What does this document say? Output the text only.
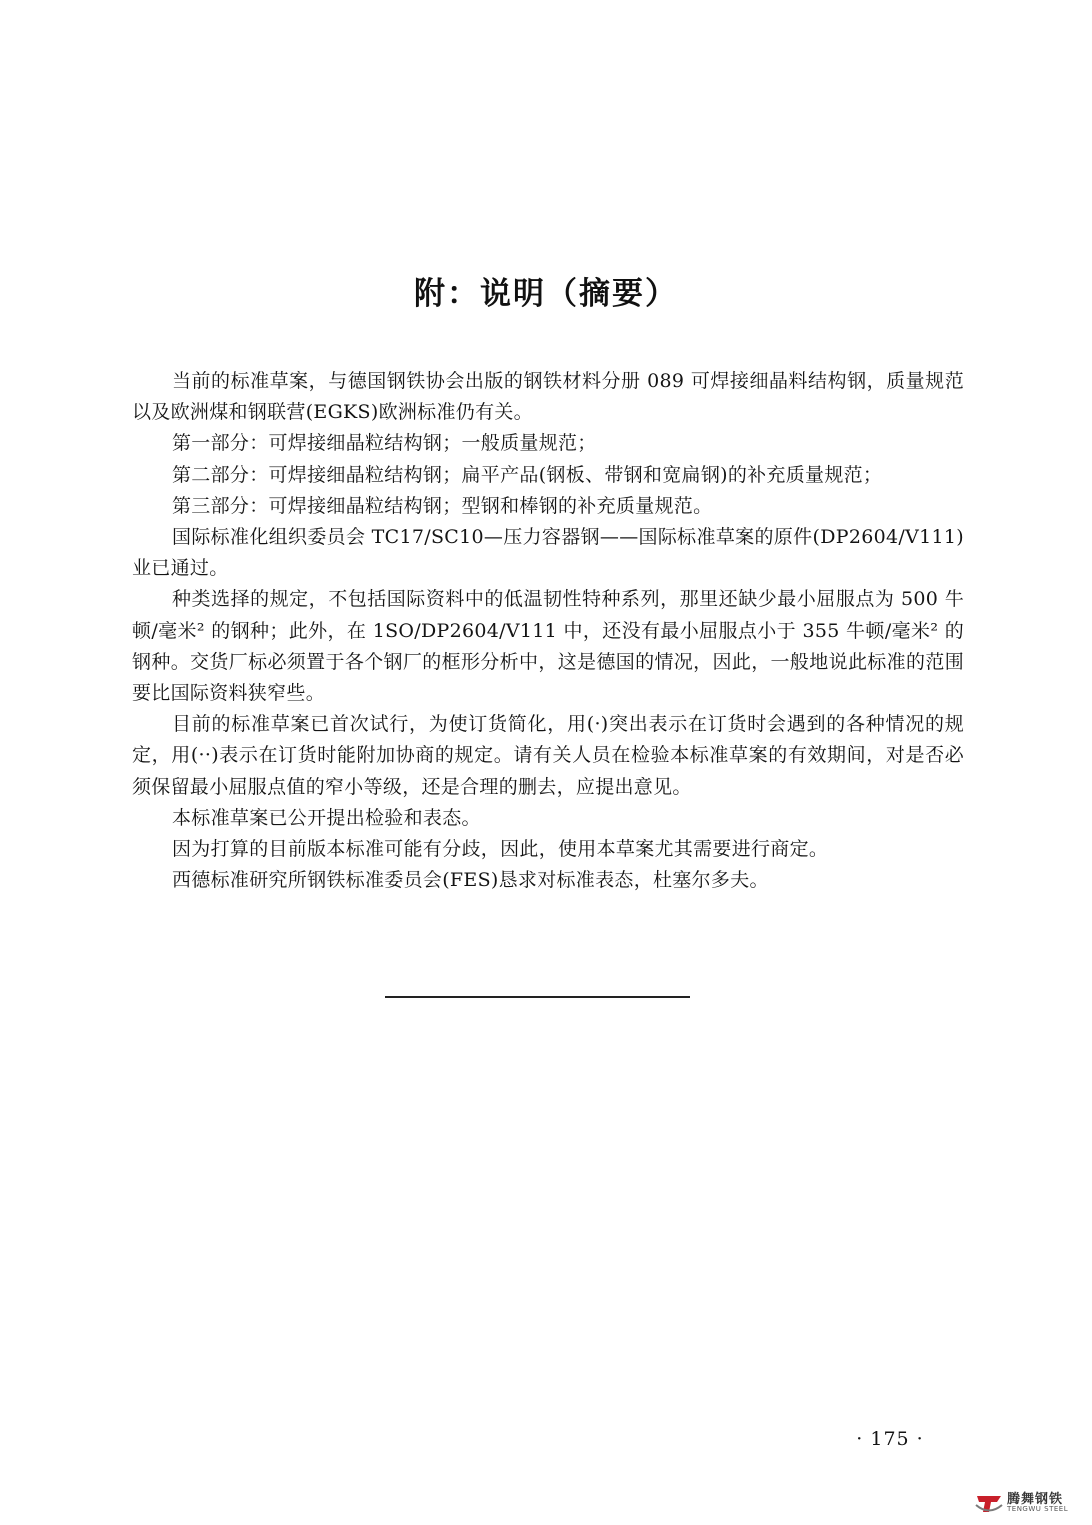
附：说明（摘要）

当前的标准草案，与德国钢铁协会出版的钢铁材料分册 089 可焊接细晶料结构钢，质量规范以及欧洲煤和钢联营(EGKS)欧洲标准仍有关。

第一部分：可焊接细晶粒结构钢；一般质量规范；

第二部分：可焊接细晶粒结构钢；扁平产品(钢板、带钢和宽扁钢)的补充质量规范；

第三部分：可焊接细晶粒结构钢；型钢和棒钢的补充质量规范。

国际标准化组织委员会 TC17/SC10—压力容器钢——国际标准草案的原件(DP2604/V111)业已通过。

种类选择的规定，不包括国际资料中的低温韧性特种系列，那里还缺少最小屈服点为 500 牛顿/毫米² 的钢种；此外，在 1SO/DP2604/V111 中，还没有最小屈服点小于 355 牛顿/毫米² 的钢种。交货厂标必须置于各个钢厂的框形分析中，这是德国的情况，因此，一般地说此标准的范围要比国际资料狭窄些。

目前的标准草案已首次试行，为使订货简化，用(·)突出表示在订货时会遇到的各种情况的规定，用(··)表示在订货时能附加协商的规定。请有关人员在检验本标准草案的有效期间，对是否必须保留最小屈服点值的窄小等级，还是合理的删去，应提出意见。

本标准草案已公开提出检验和表态。

因为打算的目前版本标准可能有分歧，因此，使用本草案尤其需要进行商定。

西德标准研究所钢铁标准委员会(FES)恳求对标准表态，杜塞尔多夫。

· 175 ·
腾舞钢铁
TENGWU STEEL
